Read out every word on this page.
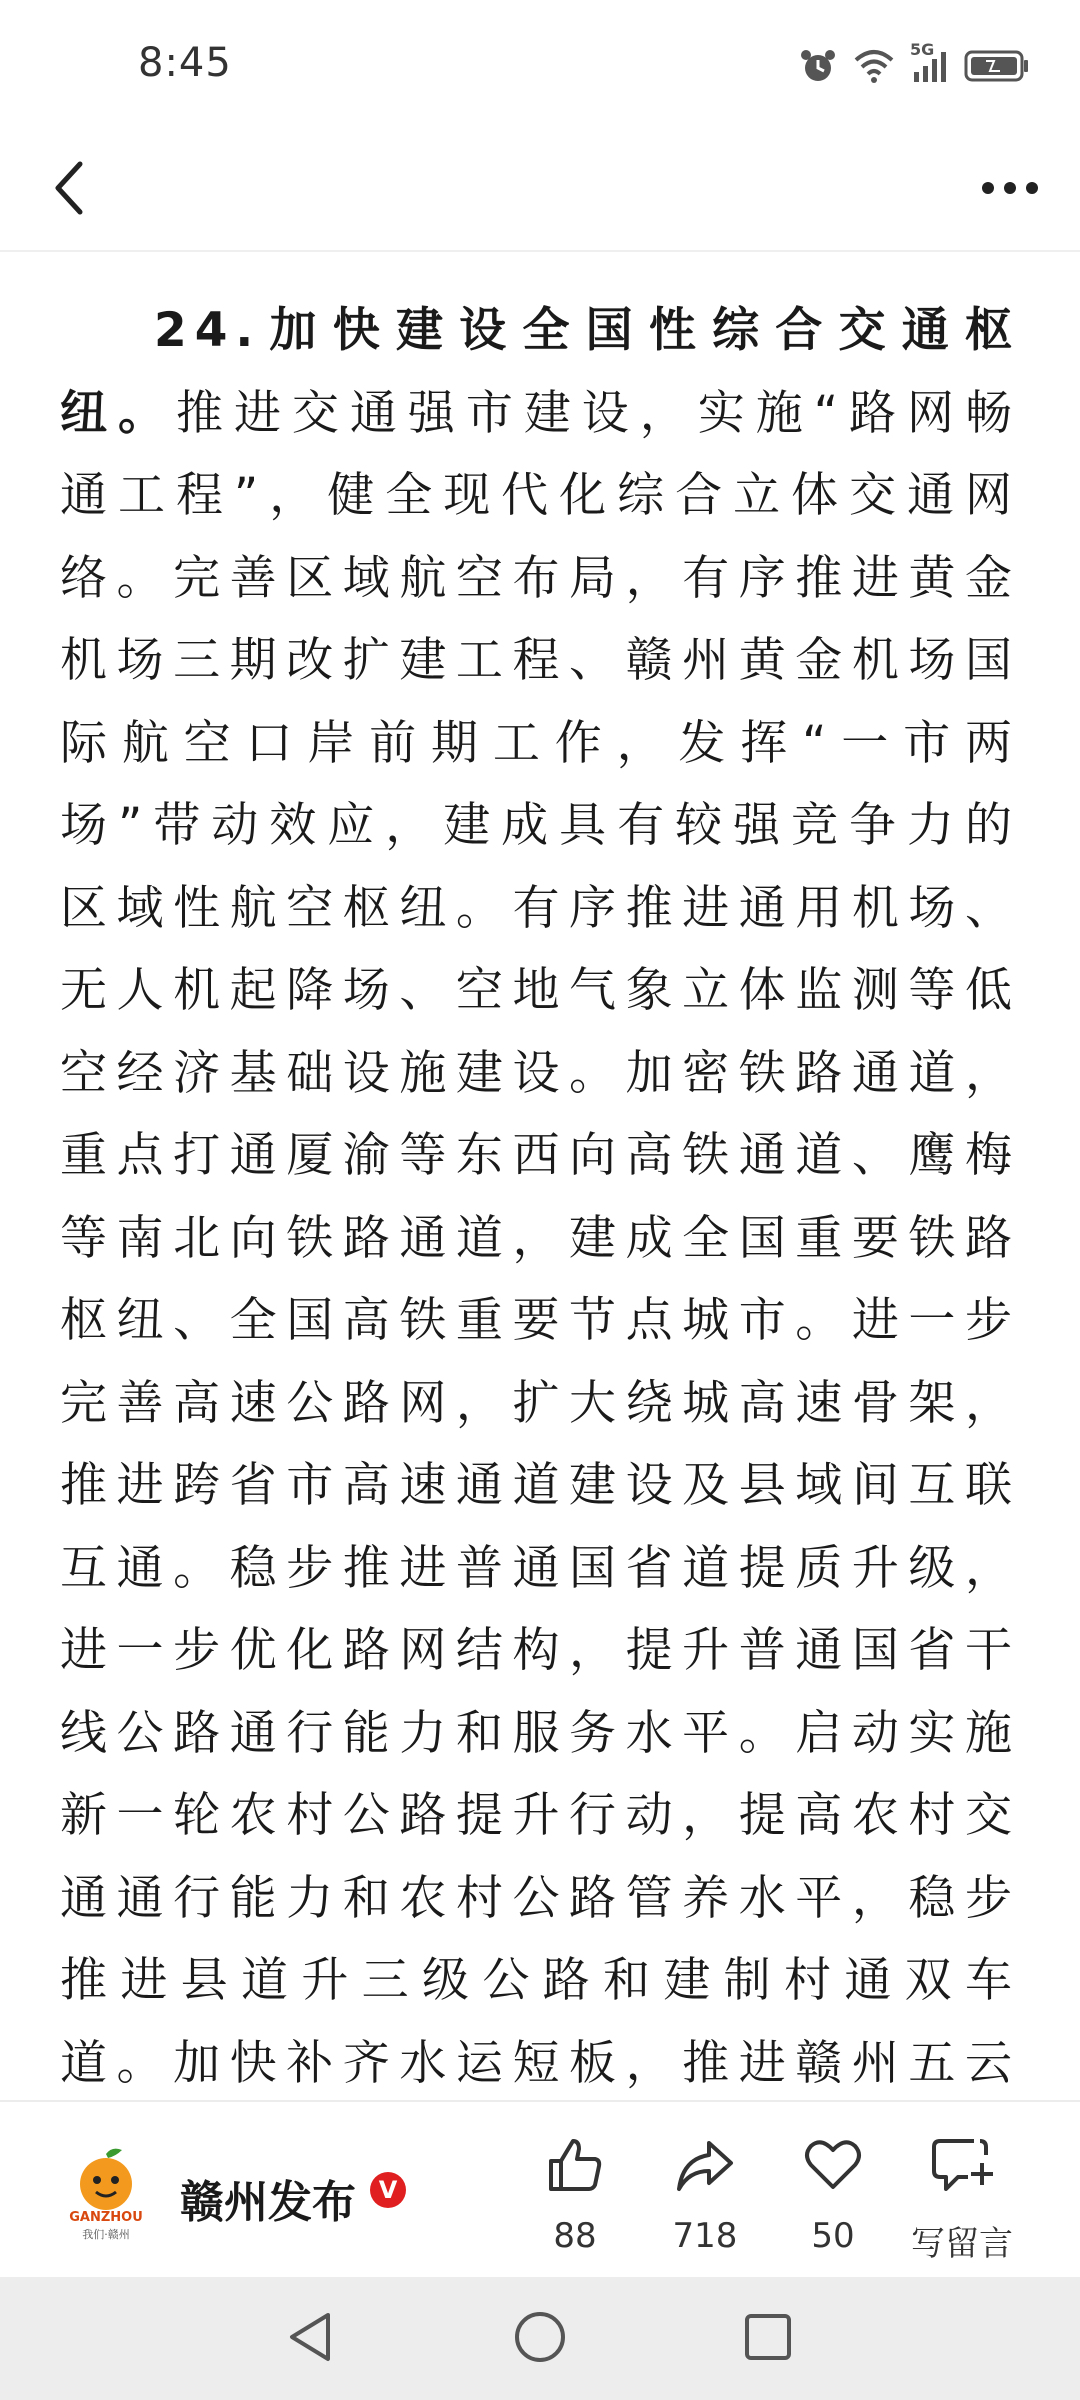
8:45	5G
24.加快建设全国性综合交通枢纽。推进交通强市建设，实施“路网畅通工程”，健全现代化综合立体交通网络。完善区域航空布局，有序推进黄金机场三期改扩建工程、赣州黄金机场国际航空口岸前期工作，发挥“一市两场”带动效应，建成具有较强竞争力的区域性航空枢纽。有序推进通用机场、无人机起降场、空地气象立体监测等低空经济基础设施建设。加密铁路通道，重点打通厦渝等东西向高铁通道、鹰梅等南北向铁路通道，建成全国重要铁路枢纽、全国高铁重要节点城市。进一步完善高速公路网，扩大绕城高速骨架，推进跨省市高速通道建设及县域间互联互通。稳步推进普通国省道提质升级，进一步优化路网结构，提升普通国省干线公路通行能力和服务水平。启动实施新一轮农村公路提升行动，提高农村交通通行能力和农村公路管养水平，稳步推进县道升三级公路和建制村通双车道。加快补齐水运短板，推进赣州五云
GANZHOU
我们·赣州
赣州发布 V
88	718	50	写留言
